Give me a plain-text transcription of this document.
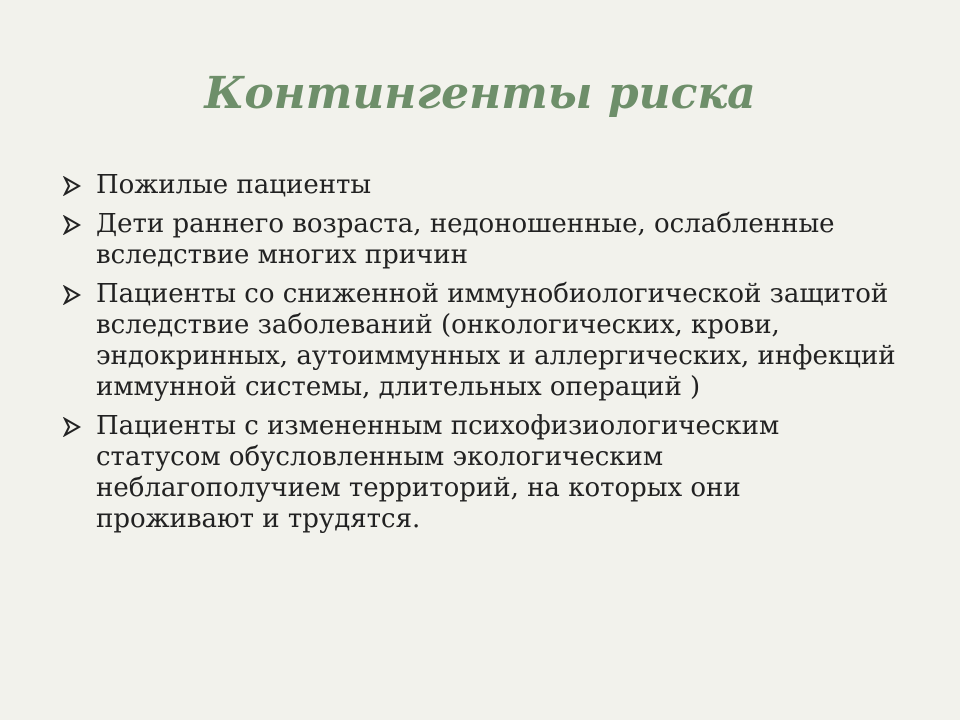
Контингенты риска
Пожилые пациенты
Дети раннего возраста, недоношенные, ослабленные вследствие многих причин
Пациенты со сниженной иммунобиологической защитой вследствие заболеваний (онкологических, крови, эндокринных, аутоиммунных и аллергических, инфекций иммунной системы, длительных операций )
Пациенты с измененным психофизиологическим статусом обусловленным экологическим неблагополучием территорий, на которых они проживают и трудятся.
